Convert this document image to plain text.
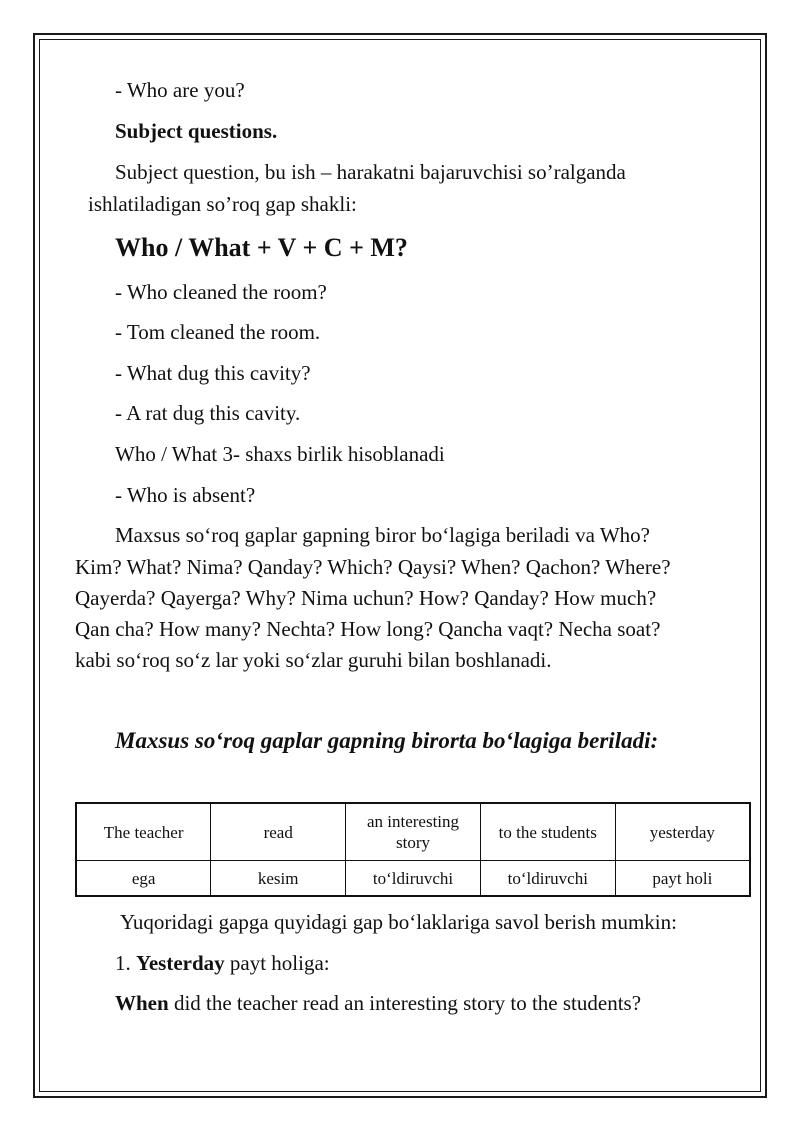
- Who are you?
Subject questions.
Subject question, bu ish – harakatni bajaruvchisi so’ralganda
ishlatiladigan so’roq gap shakli:
Who / What + V + C + M?
- Who cleaned the room?
- Tom cleaned the room.
- What dug this cavity?
- A rat dug this cavity.
Who / What 3- shaxs birlik hisoblanadi
- Who is absent?
Maxsus so‘roq gaplar gapning biror bo‘lagiga beriladi va Who?
Kim? What? Nima? Qanday? Which? Qaysi? When? Qachon? Where?
Qayerda? Qayerga? Why? Nima uchun? How? Qanday? How much?
Qan cha? How many? Nechta? How long? Qancha vaqt? Necha soat?
kabi so‘roq so‘z lar yoki so‘zlar guruhi bilan boshlanadi.
Maxsus so‘roq gaplar gapning birorta bo‘lagiga beriladi:
The teacher	read	an interesting story	to the students	yesterday
ega	kesim	to‘ldiruvchi	to‘ldiruvchi	payt holi
Yuqoridagi gapga quyidagi gap bo‘laklariga savol berish mumkin:
1. Yesterday payt holiga:
When did the teacher read an interesting story to the students?
